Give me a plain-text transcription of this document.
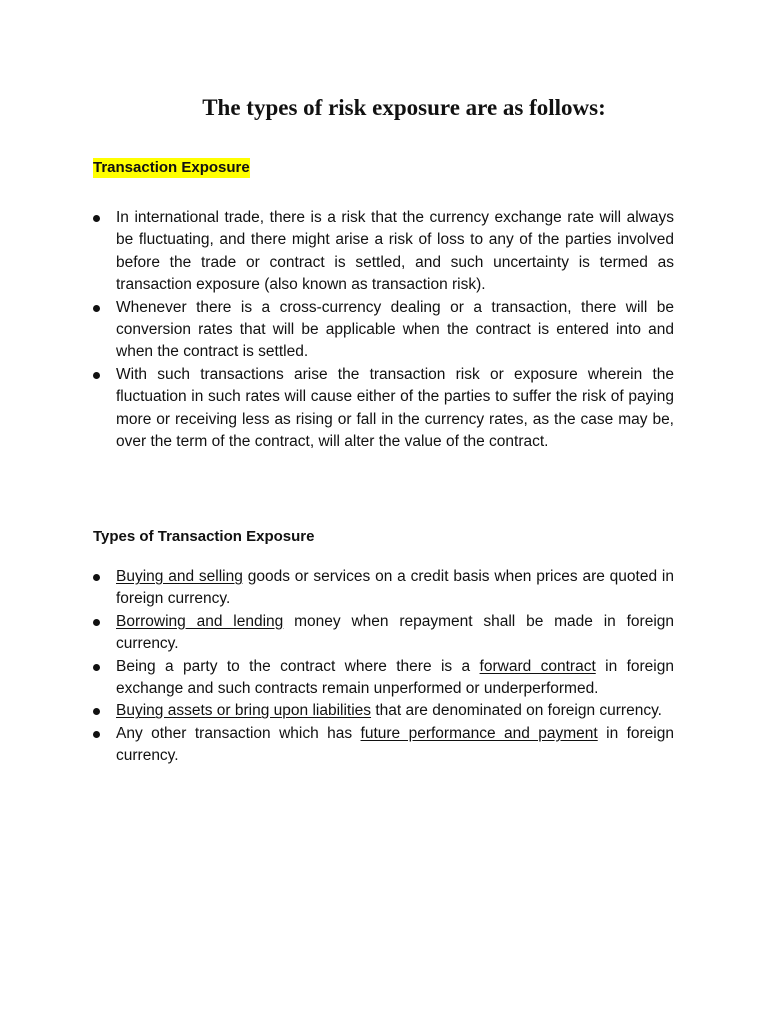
The types of risk exposure are as follows:
Transaction Exposure
In international trade, there is a risk that the currency exchange rate will always be fluctuating, and there might arise a risk of loss to any of the parties involved before the trade or contract is settled, and such uncertainty is termed as transaction exposure (also known as transaction risk).
Whenever there is a cross-currency dealing or a transaction, there will be conversion rates that will be applicable when the contract is entered into and when the contract is settled.
With such transactions arise the transaction risk or exposure wherein the fluctuation in such rates will cause either of the parties to suffer the risk of paying more or receiving less as rising or fall in the currency rates, as the case may be, over the term of the contract, will alter the value of the contract.
Types of Transaction Exposure
Buying and selling goods or services on a credit basis when prices are quoted in foreign currency.
Borrowing and lending money when repayment shall be made in foreign currency.
Being a party to the contract where there is a forward contract in foreign exchange and such contracts remain unperformed or underperformed.
Buying assets or bring upon liabilities that are denominated on foreign currency.
Any other transaction which has future performance and payment in foreign currency.
